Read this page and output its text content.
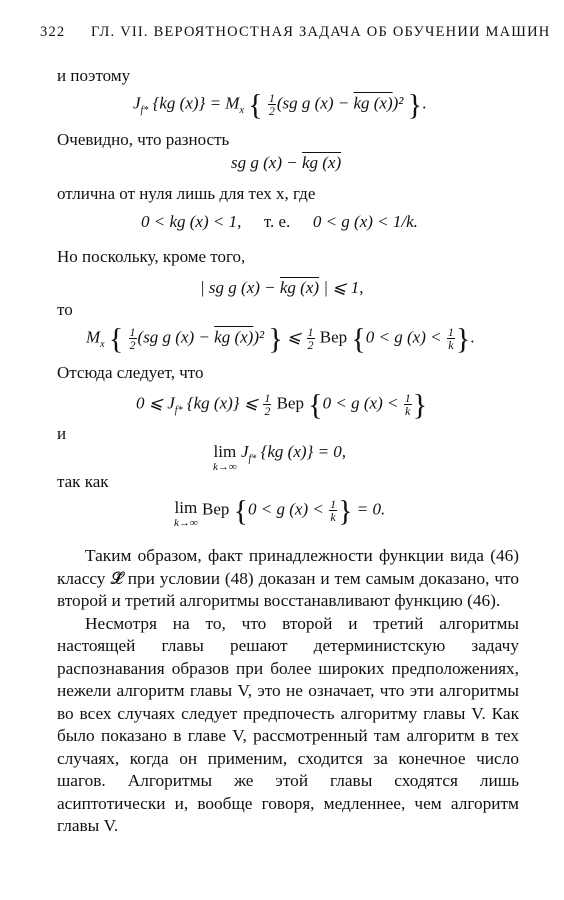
322 ГЛ. VII. ВЕРОЯТНОСТНАЯ ЗАДАЧА ОБ ОБУЧЕНИИ МАШИН
и поэтому
$J_{f*}$ {kg $(x)\} = M_x$ { $\frac{1}{2} (sg$ g (x) − kg (x))² }.
Очевидно, что разность
sg g (x) − kg (x)
отлична от нуля лишь для тех x, где
0 < kg (x) < 1, т. е. 0 < g (x) < 1/k.
Но поскольку, кроме того,
| sg g (x) − kg (x) | ⩽ 1,
то
$M_x$ { $\frac{1}{2} (sg$ g (x) − kg (x))² } ⩽ $\frac{1}{2}$ Вер {0 < g $(x) < \frac{1}{k}$ }.
Отсюда следует, что
0 ⩽ $J_{f*}$ {kg (x)} ⩽ $\frac{1}{2}$ Вер {0 < g $(x) < \frac{1}{k}$ }
и
lim
k→∞
$J_{f*}$ {kg (x)} = 0,
так как
lim
k→∞
Вер {0 < g $(x) < \frac{1}{k}$ } = 0.

Таким образом, факт принадлежности функции вида (46) классу 𝓛̃ при условии (48) доказан и тем самым доказано, что второй и третий алгоритмы восстанавливают функцию (46).

Несмотря на то, что второй и третий алгоритмы настоящей главы решают детерминистскую задачу распознавания образов при более широких предположениях, нежели алгоритм главы V, это не означает, что эти алгоритмы во всех случаях следует предпочесть алгоритму главы V. Как было показано в главе V, рассмотренный там алгоритм в тех случаях, когда он применим, сходится за конечное число шагов. Алгоритмы же этой главы сходятся лишь асиптотически и, вообще говоря, медленнее, чем алгоритм главы V.
